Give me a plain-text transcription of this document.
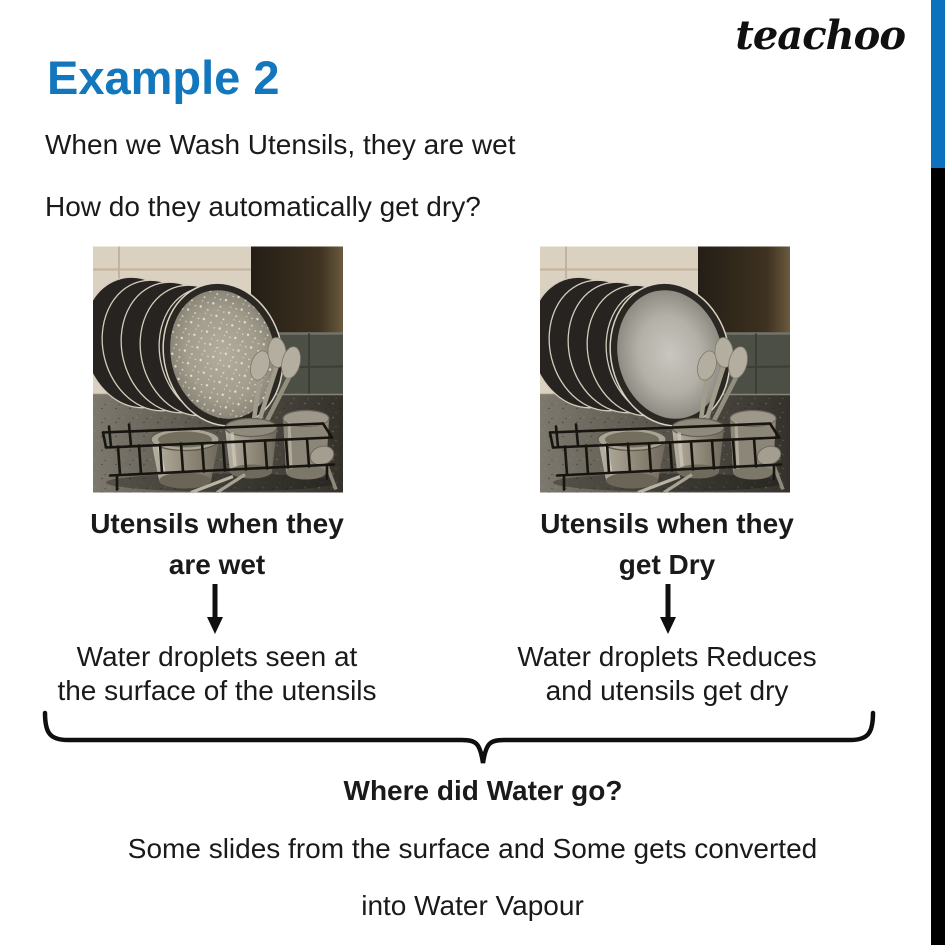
teachoo
Example 2
When we Wash Utensils, they are wet
How do they automatically get dry?
Utensils when they
are wet
Utensils when they
get Dry
Water droplets seen at
the surface of the utensils
Water droplets Reduces
and utensils get dry
Where did Water go?
Some slides from the surface and Some gets converted
into Water Vapour
